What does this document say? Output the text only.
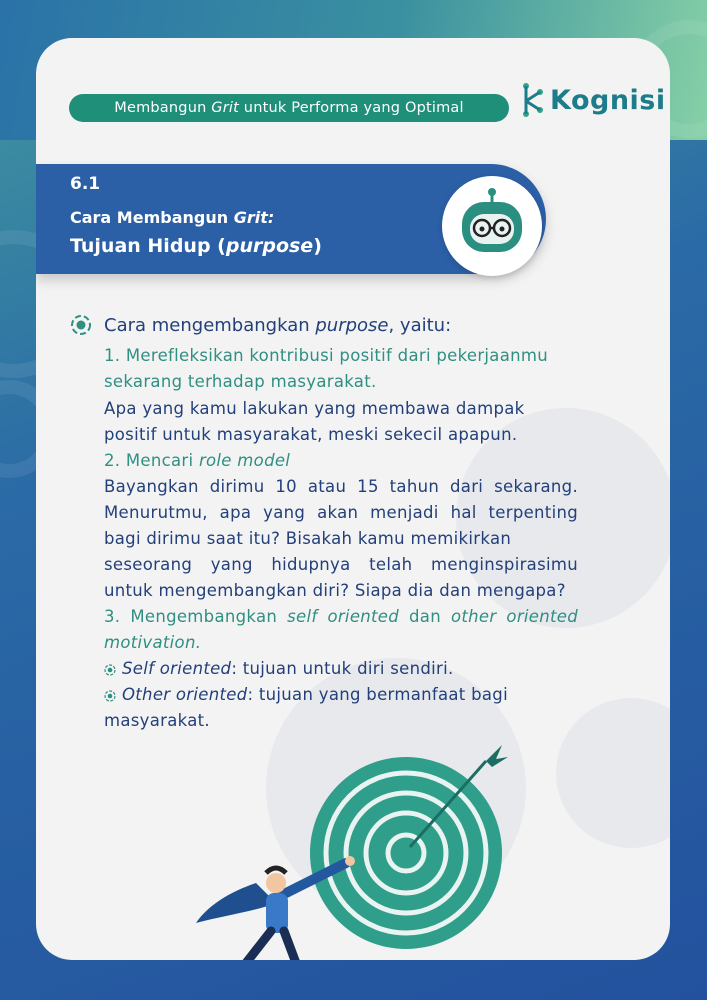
Membangun Grit untuk Performa yang Optimal	Kognisi
6.1
Cara Membangun Grit:
Tujuan Hidup (purpose)
Cara mengembangkan purpose, yaitu:
1. Merefleksikan kontribusi positif dari pekerjaanmu
sekarang terhadap masyarakat.
Apa yang kamu lakukan yang membawa dampak
positif untuk masyarakat, meski sekecil apapun.
2. Mencari role model
Bayangkan dirimu 10 atau 15 tahun dari sekarang.
Menurutmu, apa yang akan menjadi hal terpenting
bagi dirimu saat itu? Bisakah kamu memikirkan
seseorang yang hidupnya telah menginspirasimu
untuk mengembangkan diri? Siapa dia dan mengapa?
3. Mengembangkan self oriented dan other oriented
motivation.
Self oriented: tujuan untuk diri sendiri.
Other oriented: tujuan yang bermanfaat bagi
masyarakat.
